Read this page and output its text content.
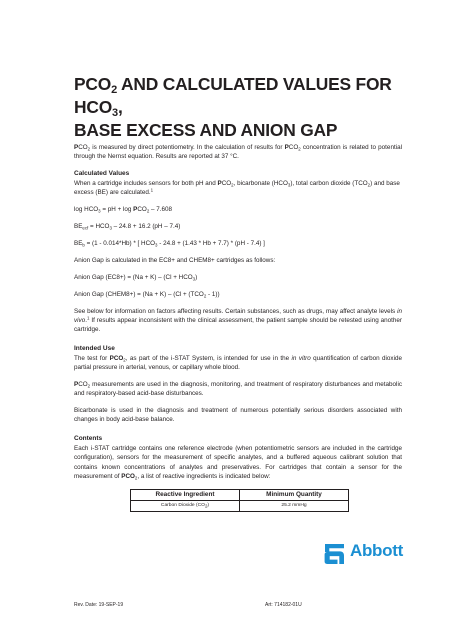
$PCO_2$ AND CALCULATED VALUES FOR $HCO_3$,
BASE EXCESS AND ANION GAP

$PCO_2$ is measured by direct potentiometry. In the calculation of results for $PCO_2$ concentration is related to potential through the Nernst equation. Results are reported at 37 °C.

Calculated Values

When a cartridge includes sensors for both pH and $PCO_2$, bicarbonate $(HCO_3)$, total carbon dioxide $(TCO_2)$ and base excess (BE) are calculated.$^1$

$\log HCO_3$ = pH + $\log PCO_2 - 7.608$

$BE_{ecf} = HCO_3 - 24.8 + 16.2$ (pH – 7.4)

$BE_b = (1 - 0.014*Hb)$ * [ $HCO_3 - 24.8 + (1.43 * Hb + 7.7) * (pH - 7.4)$ ]

Anion Gap is calculated in the EC8+ and CHEM8+ cartridges as follows:

Anion Gap $(EC8+) = (Na + K) - (Cl + HCO_3)$

Anion Gap (CHEM8+) = $(Na + K) - (Cl + (TCO_2 - 1))$

See below for information on factors affecting results. Certain substances, such as drugs, may affect analyte levels in vivo.$^1$ If results appear inconsistent with the clinical assessment, the patient sample should be retested using another cartridge.

Intended Use

The test for $PCO_2$, as part of the i-STAT System, is intended for use in the in vitro quantification of carbon dioxide partial pressure in arterial, venous, or capillary whole blood.

$PCO_2$ measurements are used in the diagnosis, monitoring, and treatment of respiratory disturbances and metabolic and respiratory-based acid-base disturbances.

Bicarbonate is used in the diagnosis and treatment of numerous potentially serious disorders associated with changes in body acid-base balance.

Contents

Each i-STAT cartridge contains one reference electrode (when potentiometric sensors are included in the cartridge configuration), sensors for the measurement of specific analytes, and a buffered aqueous calibrant solution that contains known concentrations of analytes and preservatives. For cartridges that contain a sensor for the measurement of $PCO_2$, a list of reactive ingredients is indicated below:

Reactive Ingredient	Minimum Quantity
Carbon Dioxide $(CO_2)$	25.2 mmHg
Abbott
Rev. Date: 19-SEP-19	Art: 714182-01U
